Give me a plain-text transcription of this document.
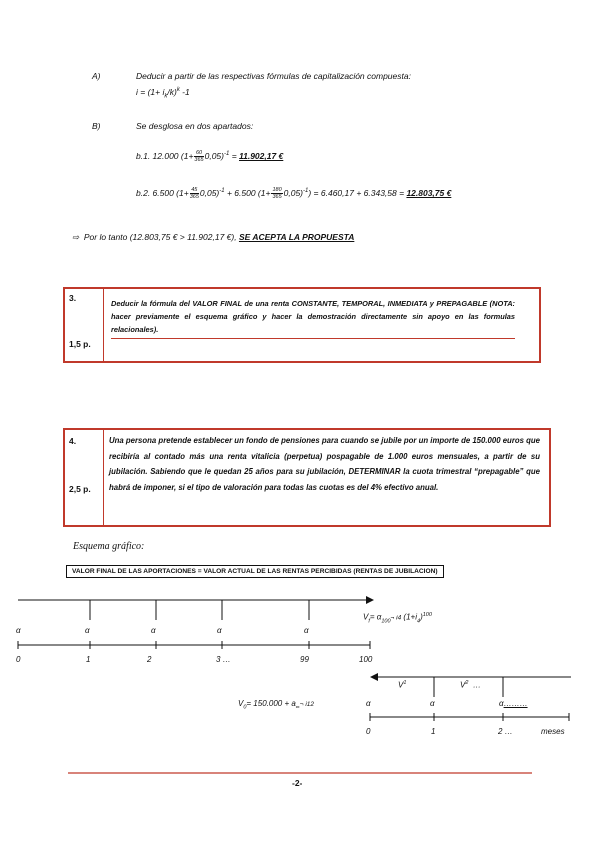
A)	Deducir a partir de las respectivas fórmulas de capitalización compuesta:
$i = (1+ i_k/k)^k$ -1
B)	Se desglosa en dos apartados:
b.1. 12.000 $(1+ \frac{60}{365} 0,05)^{-1} = 11.902,17$ €
b.2. 6.500 $(1+ \frac{45}{365} 0,05)^{-1} + 6.500$ $(1+ \frac{180}{365} 0,05)^{-1}) = 6.460,17 + 6.343,58 = 12.803,75$ €
⇨ Por lo tanto (12.803,75 € > 11.902,17 €), SE ACEPTA LA PROPUESTA
3.
1,5 p.
Deducir la fórmula del VALOR FINAL de una renta CONSTANTE, TEMPORAL, INMEDIATA y PREPAGABLE (NOTA: hacer previamente el esquema gráfico y hacer la demostración directamente sin apoyo en las formulas relacionales).
4.
2,5 p.
Una persona pretende establecer un fondo de pensiones para cuando se jubile por un importe de 150.000 euros que recibiría al contado más una renta vitalicia (perpetua) pospagable de 1.000 euros mensuales, a partir de su jubilación. Sabiendo que le quedan 25 años para su jubilación, DETERMINAR la cuota trimestral “prepagable” que habrá de imponer, si el tipo de valoración para todas las cuotas es del 4% efectivo anual.
Esquema gráfico:
VALOR FINAL DE LAS APORTACIONES = VALOR ACTUAL DE LAS RENTAS PERCIBIDAS (RENTAS DE JUBILACION)
α	α	α	α	α
0	1	2	3 …	99	100
$V_f=$ $\alpha_{100}\neg$ i4 $(1+i_4)^{100}$
$V^1$	$V^2$ …
$V_0= 150.000$ + $a_\infty\neg$ i12	α	α	α………
0	1	2 …	meses
-2-
